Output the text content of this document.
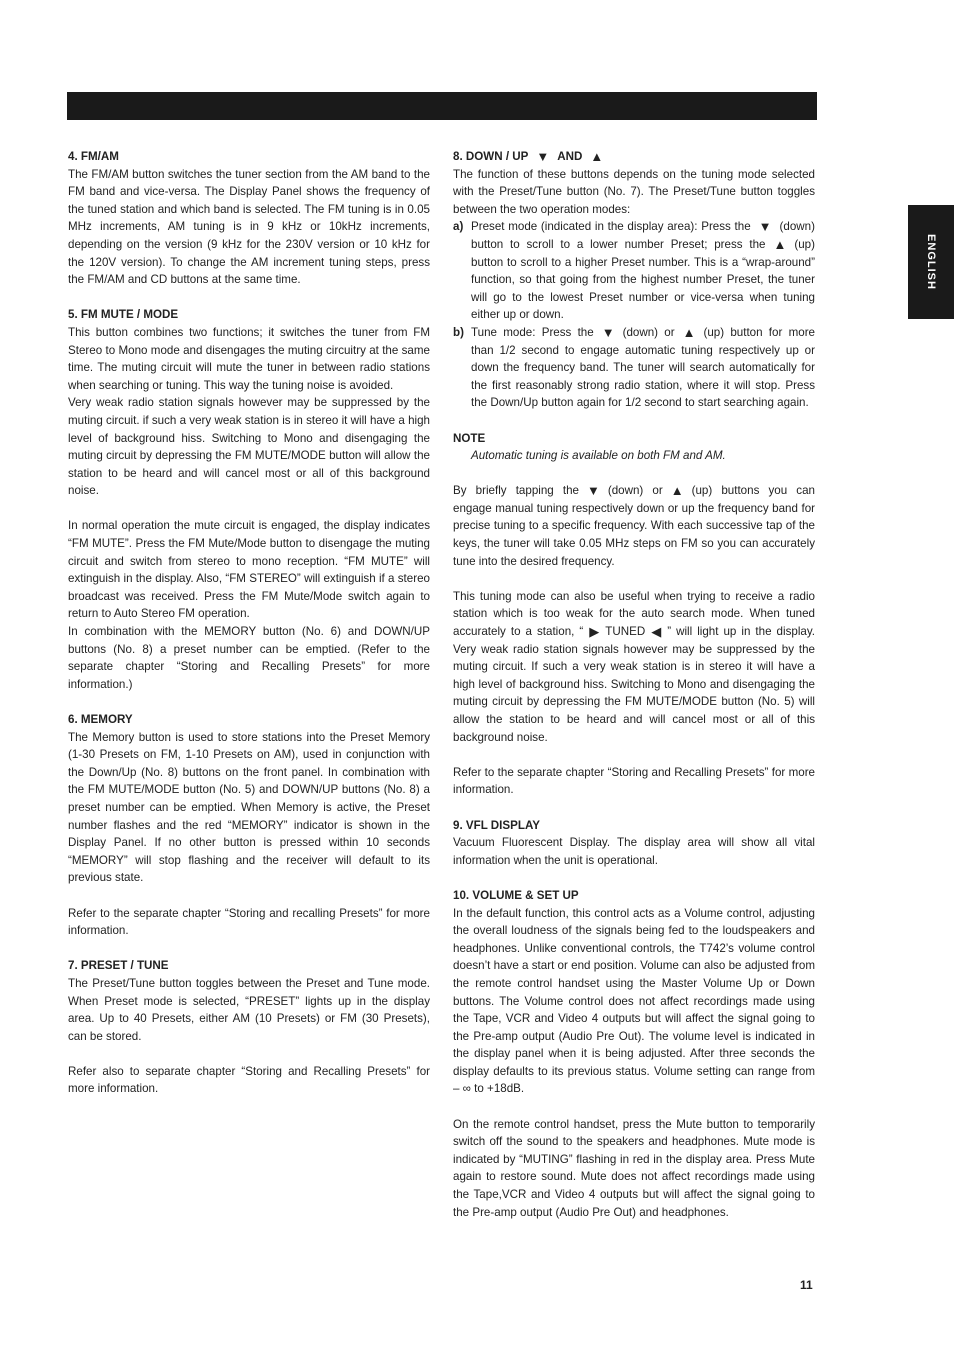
ENGLISH
4. FM/AM

The FM/AM button switches the tuner section from the AM band to the FM band and vice-versa. The Display Panel shows the frequency of the tuned station and which band is selected. The FM tuning is in 0.05 MHz increments, AM tuning is in 9 kHz or 10kHz increments, depending on the version (9 kHz for the 230V version or 10 kHz for the 120V version). To change the AM increment tuning steps, press the FM/AM and CD buttons at the same time.

5. FM MUTE / MODE

This button combines two functions; it switches the tuner from FM Stereo to Mono mode and disengages the muting circuitry at the same time. The muting circuit will mute the tuner in between radio stations when searching or tuning. This way the tuning noise is avoided.

Very weak radio station signals however may be suppressed by the muting circuit. if such a very weak station is in stereo it will have a high level of background hiss. Switching to Mono and disengaging the muting circuit by depressing the FM MUTE/MODE button will allow the station to be heard and will cancel most or all of this background noise.

In normal operation the mute circuit is engaged, the display indicates “FM MUTE”. Press the FM Mute/Mode button to disengage the muting circuit and switch from stereo to mono reception. “FM MUTE” will extinguish in the display. Also, “FM STEREO” will extinguish if a stereo broadcast was received. Press the FM Mute/Mode switch again to return to Auto Stereo FM operation.

In combination with the MEMORY button (No. 6) and DOWN/UP buttons (No. 8) a preset number can be emptied. (Refer to the separate chapter “Storing and Recalling Presets” for more information.)

6. MEMORY

The Memory button is used to store stations into the Preset Memory (1-30 Presets on FM, 1-10 Presets on AM), used in conjunction with the Down/Up (No. 8) buttons on the front panel. In combination with the FM MUTE/MODE button (No. 5) and DOWN/UP buttons (No. 8) a preset number can be emptied. When Memory is active, the Preset number flashes and the red “MEMORY” indicator is shown in the Display Panel. If no other button is pressed within 10 seconds “MEMORY” will stop flashing and the receiver will default to its previous state.

Refer to the separate chapter “Storing and recalling Presets” for more information.

7. PRESET / TUNE

The Preset/Tune button toggles between the Preset and Tune mode. When Preset mode is selected, “PRESET” lights up in the display area. Up to 40 Presets, either AM (10 Presets) or FM (30 Presets), can be stored.

Refer also to separate chapter “Storing and Recalling Presets” for more information.

8. DOWN / UP ▼ AND ▲

The function of these buttons depends on the tuning mode selected with the Preset/Tune button (No. 7). The Preset/Tune button toggles between the two operation modes:

a) Preset mode (indicated in the display area): Press the ▼ (down) button to scroll to a lower number Preset; press the ▲ (up) button to scroll to a higher Preset number. This is a “wrap-around” function, so that going from the highest number Preset, the tuner will go to the lowest Preset number or vice-versa when tuning either up or down.

b) Tune mode: Press the ▼ (down) or ▲ (up) button for more than 1/2 second to engage automatic tuning respectively up or down the frequency band. The tuner will search automatically for the first reasonably strong radio station, where it will stop. Press the Down/Up button again for 1/2 second to start searching again.

NOTE

Automatic tuning is available on both FM and AM.

By briefly tapping the ▼ (down) or ▲ (up) buttons you can engage manual tuning respectively down or up the frequency band for precise tuning to a specific frequency. With each successive tap of the keys, the tuner will take 0.05 MHz steps on FM so you can accurately tune into the desired frequency.

This tuning mode can also be useful when trying to receive a radio station which is too weak for the auto search mode. When tuned accurately to a station, “ ▶ TUNED ◀ ” will light up in the display. Very weak radio station signals however may be suppressed by the muting circuit. If such a very weak station is in stereo it will have a high level of background hiss. Switching to Mono and disengaging the muting circuit by depressing the FM MUTE/MODE button (No. 5) will allow the station to be heard and will cancel most or all of this background noise.

Refer to the separate chapter “Storing and Recalling Presets” for more information.

9. VFL DISPLAY

Vacuum Fluorescent Display. The display area will show all vital information when the unit is operational.

10. VOLUME & SET UP

In the default function, this control acts as a Volume control, adjusting the overall loudness of the signals being fed to the loudspeakers and headphones. Unlike conventional controls, the T742’s volume control doesn’t have a start or end position. Volume can also be adjusted from the remote control handset using the Master Volume Up or Down buttons. The Volume control does not affect recordings made using the Tape, VCR and Video 4 outputs but will affect the signal going to the Pre-amp output (Audio Pre Out). The volume level is indicated in the display panel when it is being adjusted. After three seconds the display defaults to its previous status. Volume setting can range from – ∞ to +18dB.

On the remote control handset, press the Mute button to temporarily switch off the sound to the speakers and headphones. Mute mode is indicated by “MUTING” flashing in red in the display area. Press Mute again to restore sound. Mute does not affect recordings made using the Tape,VCR and Video 4 outputs but will affect the signal going to the Pre-amp output (Audio Pre Out) and headphones.

11
